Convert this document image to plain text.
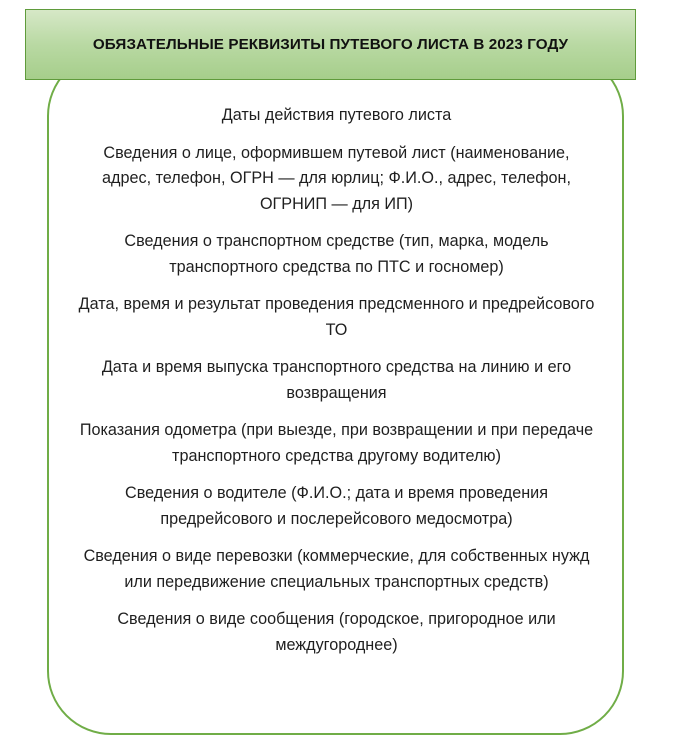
ОБЯЗАТЕЛЬНЫЕ РЕКВИЗИТЫ ПУТЕВОГО ЛИСТА В 2023 ГОДУ
Даты действия путевого листа
Сведения о лице, оформившем путевой лист (наименование, адрес, телефон, ОГРН — для юрлиц; Ф.И.О., адрес, телефон, ОГРНИП — для ИП)
Сведения о транспортном средстве (тип, марка, модель транспортного средства по ПТС и госномер)
Дата, время и результат проведения предсменного и предрейсового ТО
Дата и время выпуска транспортного средства на линию и его возвращения
Показания одометра (при выезде, при возвращении и при передаче транспортного средства другому водителю)
Сведения о водителе (Ф.И.О.; дата и время проведения предрейсового и послерейсового медосмотра)
Сведения о виде перевозки (коммерческие, для собственных нужд или передвижение специальных транспортных средств)
Сведения о виде сообщения (городское, пригородное или междугороднее)
